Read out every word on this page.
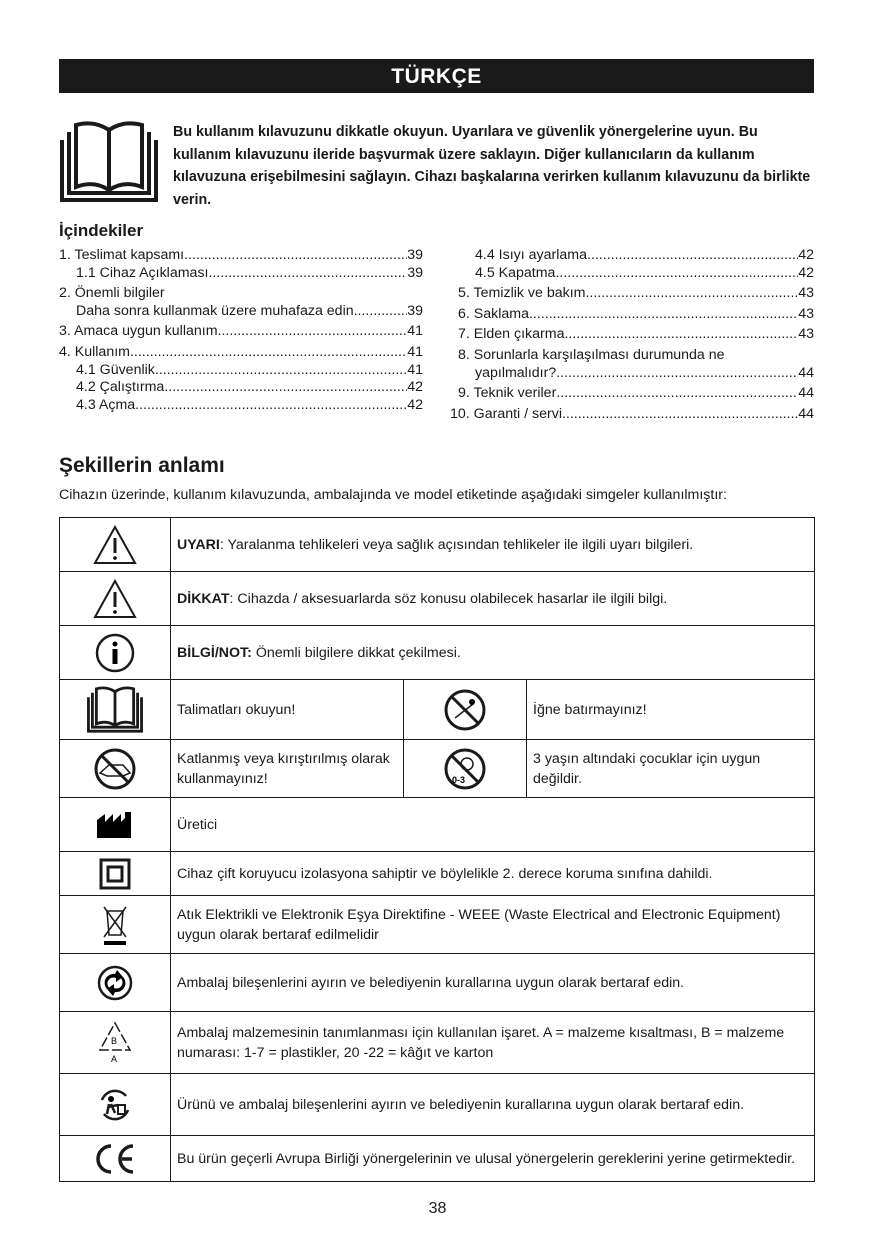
TÜRKÇE
Bu kullanım kılavuzunu dikkatle okuyun. Uyarılara ve güvenlik yönergelerine uyun. Bu kullanım kılavuzunu ileride başvurmak üzere saklayın. Diğer kullanıcıların da kullanım kılavuzuna erişebilmesini sağlayın. Cihazı başkalarına verirken kullanım kılavuzunu da birlikte verin.
İçindekiler
1. Teslimat kapsamı .....	39
1.1 Cihaz Açıklaması .....	39
2. Önemli bilgiler
Daha sonra kullanmak üzere muhafaza edin .....	39
3. Amaca uygun kullanım .....	41
4. Kullanım .....	41
4.1 Güvenlik .....	41
4.2 Çalıştırma .....	42
4.3 Açma .....	42
4.4 Isıyı ayarlama .....	42
4.5 Kapatma .....	42
5. Temizlik ve bakım .....	43
6. Saklama .....	43
7. Elden çıkarma .....	43
8. Sorunlarla karşılaşılması durumunda ne
yapılmalıdır? .....	44
9. Teknik veriler .....	44
10. Garanti / servi .....	44
Şekillerin anlamı
Cihazın üzerinde, kullanım kılavuzunda, ambalajında ve model etiketinde aşağıdaki simgeler kullanılmıştır:
	UYARI: Yaralanma tehlikeleri veya sağlık açısından tehlikeler ile ilgili uyarı bilgileri.		

	DİKKAT: Cihazda / aksesuarlarda söz konusu olabilecek hasarlar ile ilgili bilgi.		

	BİLGİ/NOT: Önemli bilgilere dikkat çekilmesi.		

	Talimatları okuyun!		İğne batırmayınız!

	Katlanmış veya kırıştırılmış olarak kullanmayınız!	0-3	3 yaşın altındaki çocuklar için uygun değildir.

	Üretici		

	Cihaz çift koruyucu izolasyona sahiptir ve böylelikle 2. derece koruma sınıfına dahildi.		

	Atık Elektrikli ve Elektronik Eşya Direktifine - WEEE (Waste Electrical and Electronic Equipment) uygun olarak bertaraf edilmelidir		

	Ambalaj bileşenlerini ayırın ve belediyenin kurallarına uygun olarak bertaraf edin.		

B
A	Ambalaj malzemesinin tanımlanması için kullanılan işaret. A = malzeme kısaltması, B = malzeme numarası: 1-7 = plastikler, 20 -22 = kâğıt ve karton		

	Ürünü ve ambalaj bileşenlerini ayırın ve belediyenin kurallarına uygun olarak bertaraf edin.		

	Bu ürün geçerli Avrupa Birliği yönergelerinin ve ulusal yönergelerin gereklerini yerine getirmektedir.		
38
